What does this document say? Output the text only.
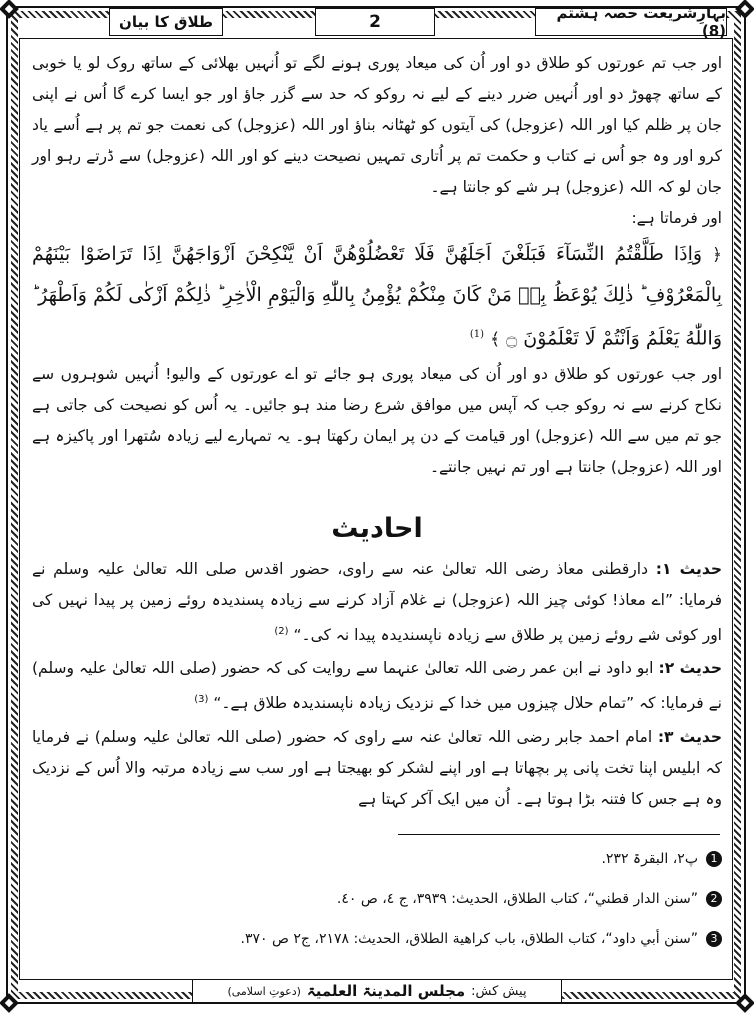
بہارِشریعت حصہ ہشتم (8)
2
طلاق کا بیان

اور جب تم عورتوں کو طلاق دو اور اُن کی میعاد پوری ہونے لگے تو اُنہیں بھلائی کے ساتھ روک لو یا خوبی کے ساتھ چھوڑ دو اور اُنہیں ضرر دینے کے لیے نہ روکو کہ حد سے گزر جاؤ اور جو ایسا کرے گا اُس نے اپنی جان پر ظلم کیا اور اللہ (عزوجل) کی آیتوں کو ٹھٹانہ بناؤ اور اللہ (عزوجل) کی نعمت جو تم پر ہے اُسے یاد کرو اور وہ جو اُس نے کتاب و حکمت تم پر اُتاری تمہیں نصیحت دینے کو اور اللہ (عزوجل) سے ڈرتے رہو اور جان لو کہ اللہ (عزوجل) ہر شے کو جانتا ہے۔

اور فرماتا ہے:

﴿ وَاِذَا طَلَّقْتُمُ النِّسَآءَ فَبَلَغْنَ اَجَلَهُنَّ فَلَا تَعْضُلُوْهُنَّ اَنْ یَّنْكِحْنَ اَزْوَاجَهُنَّ اِذَا تَرَاضَوْا بَیْنَهُمْ بِالْمَعْرُوْفِ ؕ ذٰلِكَ یُوْعَظُ بِهٖ مَنْ كَانَ مِنْكُمْ یُؤْمِنُ بِاللّٰهِ وَالْیَوْمِ الْاٰخِرِ ؕ ذٰلِكُمْ اَزْكٰى لَكُمْ وَاَطْهَرُ ؕ وَاللّٰهُ یَعْلَمُ وَاَنْتُمْ لَا تَعْلَمُوْنَ ۝ ﴾ $^{(1)}$

اور جب عورتوں کو طلاق دو اور اُن کی میعاد پوری ہو جائے تو اے عورتوں کے والیو! اُنہیں شوہروں سے نکاح کرنے سے نہ روکو جب کہ آپس میں موافق شرع رضا مند ہو جائیں۔ یہ اُس کو نصیحت کی جاتی ہے جو تم میں سے اللہ (عزوجل) اور قیامت کے دن پر ایمان رکھتا ہو۔ یہ تمہارے لیے زیادہ سُتھرا اور پاکیزہ ہے اور اللہ (عزوجل) جانتا ہے اور تم نہیں جانتے۔

احادیث

حدیث ۱: دارقطنی معاذ رضی اللہ تعالیٰ عنہ سے راوی، حضور اقدس صلی اللہ تعالیٰ علیہ وسلم نے فرمایا: ”اے معاذ! کوئی چیز اللہ (عزوجل) نے غلام آزاد کرنے سے زیادہ پسندیدہ روئے زمین پر پیدا نہیں کی اور کوئی شے روئے زمین پر طلاق سے زیادہ ناپسندیدہ پیدا نہ کی۔“ $^{(2)}$

حدیث ۲: ابو داود نے ابن عمر رضی اللہ تعالیٰ عنہما سے روایت کی کہ حضور (صلی اللہ تعالیٰ علیہ وسلم) نے فرمایا: کہ ”تمام حلال چیزوں میں خدا کے نزدیک زیادہ ناپسندیدہ طلاق ہے۔“ $^{(3)}$

حدیث ۳: امام احمد جابر رضی اللہ تعالیٰ عنہ سے راوی کہ حضور (صلی اللہ تعالیٰ علیہ وسلم) نے فرمایا کہ ابلیس اپنا تخت پانی پر بچھاتا ہے اور اپنے لشکر کو بھیجتا ہے اور سب سے زیادہ مرتبہ والا اُس کے نزدیک وہ ہے جس کا فتنہ بڑا ہوتا ہے۔ اُن میں ایک آکر کہتا ہے

1
پ۲، البقرۃ ۲۳۲.
2
”سنن الدار قطني“، كتاب الطلاق، الحديث: ۳۹۳۹، ج ٤، ص ٤٠.
3
”سنن أبي داود“، كتاب الطلاق، باب كراهية الطلاق، الحديث: ۲۱۷۸، ج۲ ص ۳۷۰.
پیش کش:
مجلس المدینۃ العلمیۃ
(دعوتِ اسلامی)
